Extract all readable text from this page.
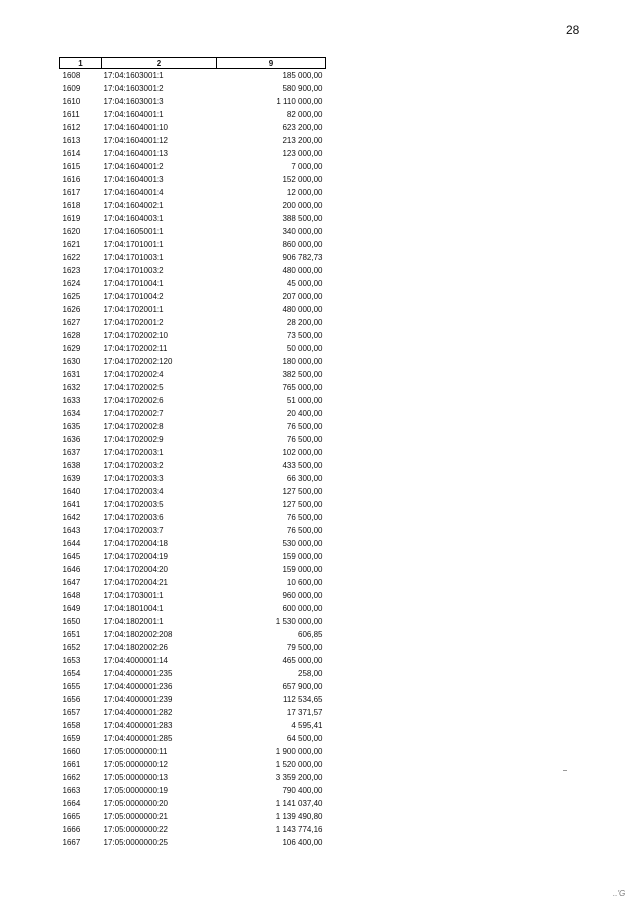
28
1	2	9
1608	17:04:1603001:1	185 000,00
1609	17:04:1603001:2	580 900,00
1610	17:04:1603001:3	1 110 000,00
1611	17:04:1604001:1	82 000,00
1612	17:04:1604001:10	623 200,00
1613	17:04:1604001:12	213 200,00
1614	17:04:1604001:13	123 000,00
1615	17:04:1604001:2	7 000,00
1616	17:04:1604001:3	152 000,00
1617	17:04:1604001:4	12 000,00
1618	17:04:1604002:1	200 000,00
1619	17:04:1604003:1	388 500,00
1620	17:04:1605001:1	340 000,00
1621	17:04:1701001:1	860 000,00
1622	17:04:1701003:1	906 782,73
1623	17:04:1701003:2	480 000,00
1624	17:04:1701004:1	45 000,00
1625	17:04:1701004:2	207 000,00
1626	17:04:1702001:1	480 000,00
1627	17:04:1702001:2	28 200,00
1628	17:04:1702002:10	73 500,00
1629	17:04:1702002:11	50 000,00
1630	17:04:1702002:120	180 000,00
1631	17:04:1702002:4	382 500,00
1632	17:04:1702002:5	765 000,00
1633	17:04:1702002:6	51 000,00
1634	17:04:1702002:7	20 400,00
1635	17:04:1702002:8	76 500,00
1636	17:04:1702002:9	76 500,00
1637	17:04:1702003:1	102 000,00
1638	17:04:1702003:2	433 500,00
1639	17:04:1702003:3	66 300,00
1640	17:04:1702003:4	127 500,00
1641	17:04:1702003:5	127 500,00
1642	17:04:1702003:6	76 500,00
1643	17:04:1702003:7	76 500,00
1644	17:04:1702004:18	530 000,00
1645	17:04:1702004:19	159 000,00
1646	17:04:1702004:20	159 000,00
1647	17:04:1702004:21	10 600,00
1648	17:04:1703001:1	960 000,00
1649	17:04:1801004:1	600 000,00
1650	17:04:1802001:1	1 530 000,00
1651	17:04:1802002:208	606,85
1652	17:04:1802002:26	79 500,00
1653	17:04:4000001:14	465 000,00
1654	17:04:4000001:235	258,00
1655	17:04:4000001:236	657 900,00
1656	17:04:4000001:239	112 534,65
1657	17:04:4000001:282	17 371,57
1658	17:04:4000001:283	4 595,41
1659	17:04:4000001:285	64 500,00
1660	17:05:0000000:11	1 900 000,00
1661	17:05:0000000:12	1 520 000,00
1662	17:05:0000000:13	3 359 200,00
1663	17:05:0000000:19	790 400,00
1664	17:05:0000000:20	1 141 037,40
1665	17:05:0000000:21	1 139 490,80
1666	17:05:0000000:22	1 143 774,16
1667	17:05:0000000:25	106 400,00
..'G
